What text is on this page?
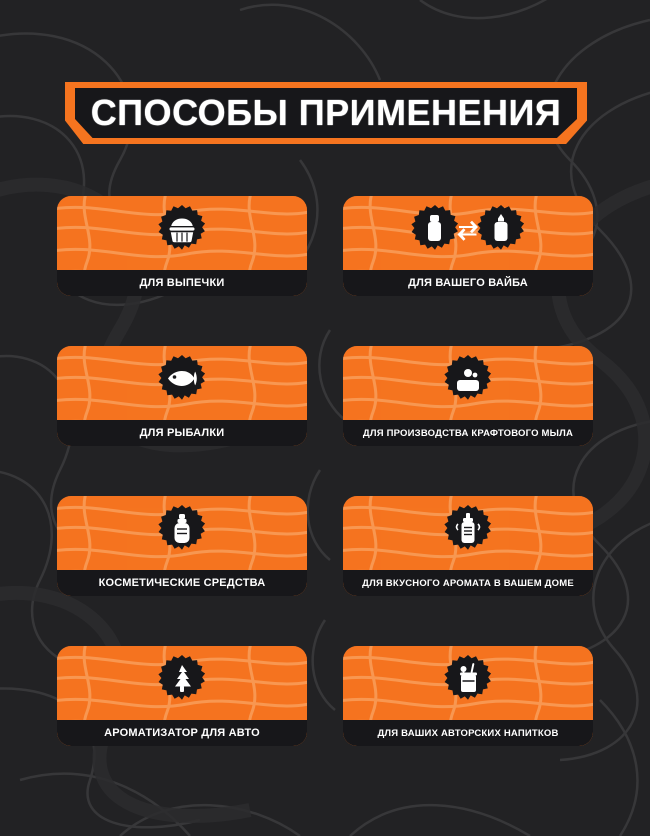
СПОСОБЫ ПРИМЕНЕНИЯ
ДЛЯ ВЫПЕЧКИ	ДЛЯ ВАШЕГО ВАЙБА
ДЛЯ РЫБАЛКИ	ДЛЯ ПРОИЗВОДСТВА КРАФТОВОГО МЫЛА
КОСМЕТИЧЕСКИЕ СРЕДСТВА	ДЛЯ ВКУСНОГО АРОМАТА В ВАШЕМ ДОМЕ
АРОМАТИЗАТОР ДЛЯ АВТО	ДЛЯ ВАШИХ АВТОРСКИХ НАПИТКОВ
